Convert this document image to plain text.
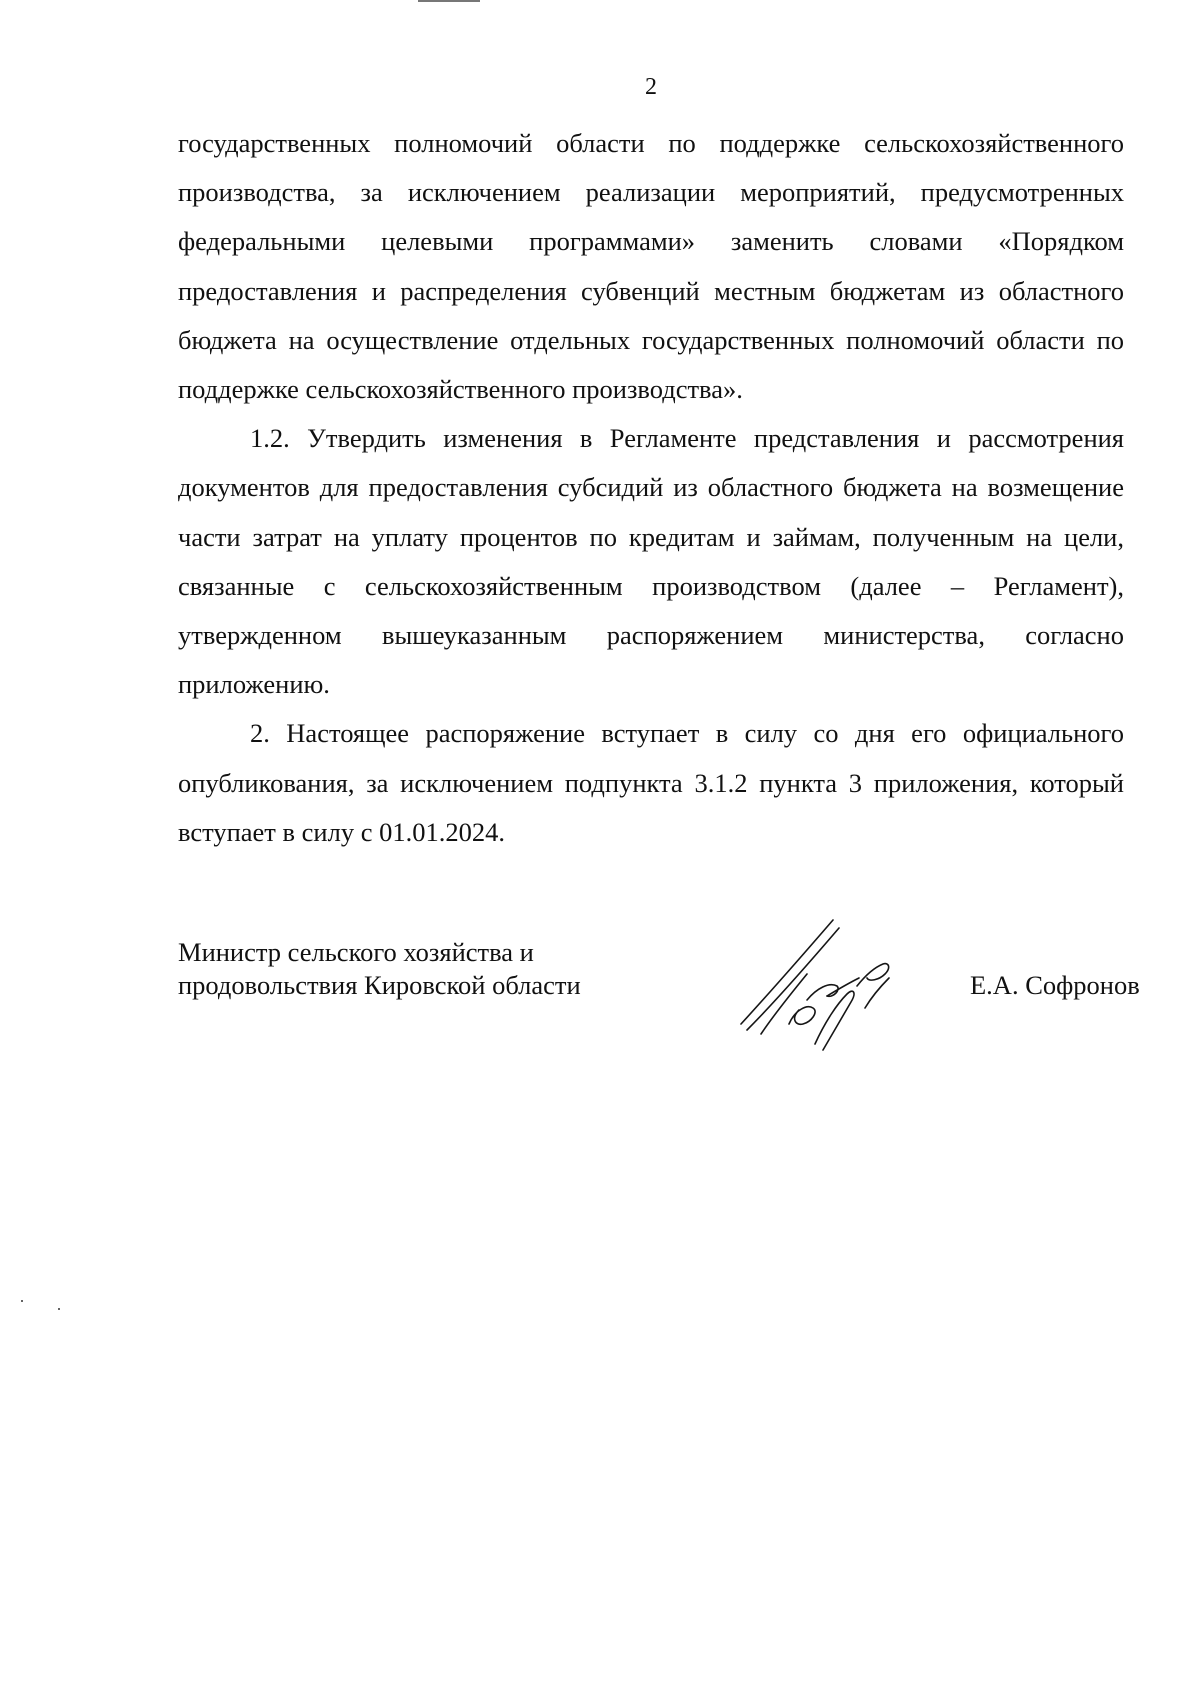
2

государственных полномочий области по поддержке сельскохозяйственного производства, за исключением реализации мероприятий, предусмотренных федеральными целевыми программами» заменить словами «Порядком предоставления и распределения субвенций местным бюджетам из областного бюджета на осуществление отдельных государственных полномочий области по поддержке сельскохозяйственного производства».

1.2. Утвердить изменения в Регламенте представления и рассмотрения документов для предоставления субсидий из областного бюджета на возмещение части затрат на уплату процентов по кредитам и займам, полученным на цели, связанные с сельскохозяйственным производством (далее – Регламент), утвержденном вышеуказанным распоряжением министерства, согласно приложению.

2. Настоящее распоряжение вступает в силу со дня его официального опубликования, за исключением подпункта 3.1.2 пункта 3 приложения, который вступает в силу с 01.01.2024.

Министр сельского хозяйства и
продовольствия Кировской области	Е.А. Софронов
